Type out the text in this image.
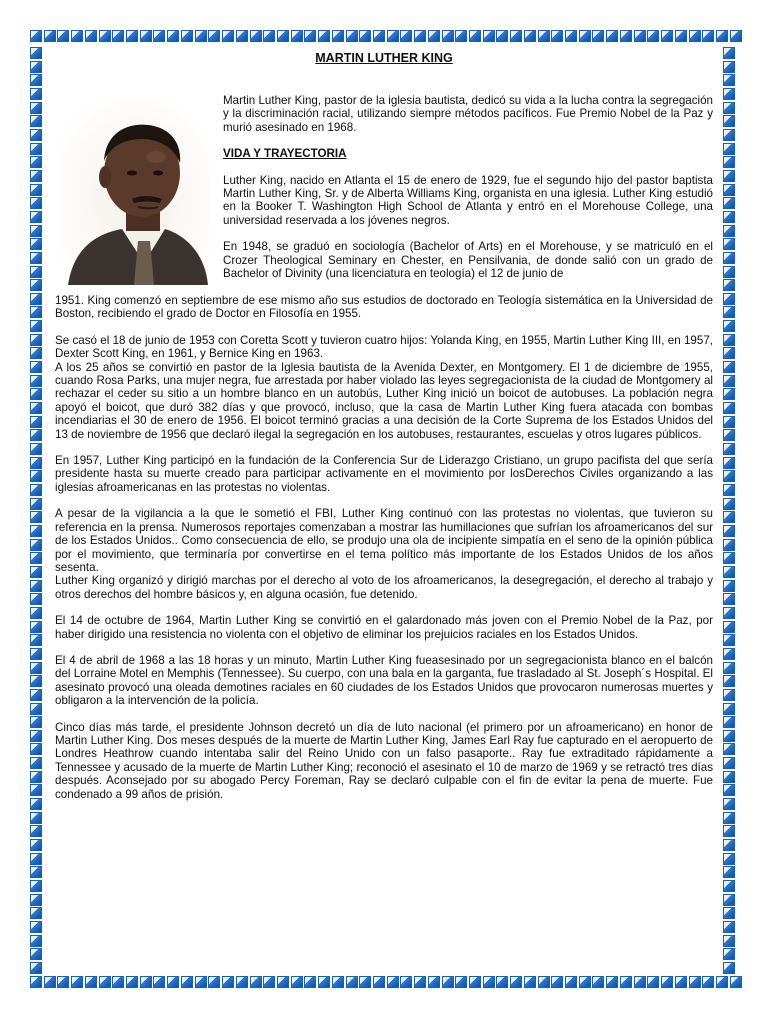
MARTIN LUTHER KING

Martin Luther King, pastor de la iglesia bautista, dedicó su vida a la lucha contra la segregación y la discriminación racial, utilizando siempre métodos pacíficos. Fue Premio Nobel de la Paz y murió asesinado en 1968.

VIDA Y TRAYECTORIA

Luther King, nacido en Atlanta el 15 de enero de 1929, fue el segundo hijo del pastor baptista Martin Luther King, Sr. y de Alberta Williams King, organista en una iglesia. Luther King estudió en la Booker T. Washington High School de Atlanta y entró en el Morehouse College, una universidad reservada a los jóvenes negros.

En 1948, se graduó en sociología (Bachelor of Arts) en el Morehouse, y se matriculó en el Crozer Theological Seminary en Chester, en Pensilvania, de donde salió con un grado de Bachelor of Divinity (una licenciatura en teología) el 12 de junio de

1951. King comenzó en septiembre de ese mismo año sus estudios de doctorado en Teología sistemática en la Universidad de Boston, recibiendo el grado de Doctor en Filosofía en 1955.

Se casó el 18 de junio de 1953 con Coretta Scott y tuvieron cuatro hijos: Yolanda King, en 1955, Martin Luther King III, en 1957, Dexter Scott King, en 1961, y Bernice King en 1963.

A los 25 años se convirtió en pastor de la Iglesia bautista de la Avenida Dexter, en Montgomery. El 1 de diciembre de 1955, cuando Rosa Parks, una mujer negra, fue arrestada por haber violado las leyes segregacionista de la ciudad de Montgomery al rechazar el ceder su sitio a un hombre blanco en un autobús, Luther King inició un boicot de autobuses. La población negra apoyó el boicot, que duró 382 días y que provocó, incluso, que la casa de Martin Luther King fuera atacada con bombas incendiarias el 30 de enero de 1956. El boicot terminó gracias a una decisión de la Corte Suprema de los Estados Unidos del 13 de noviembre de 1956 que declaró ilegal la segregación en los autobuses, restaurantes, escuelas y otros lugares públicos.

En 1957, Luther King participó en la fundación de la Conferencia Sur de Liderazgo Cristiano, un grupo pacifista del que sería presidente hasta su muerte creado para participar activamente en el movimiento por losDerechos Civiles organizando a las iglesias afroamericanas en las protestas no violentas.

A pesar de la vigilancia a la que le sometió el FBI, Luther King continuó con las protestas no violentas, que tuvieron su referencia en la prensa. Numerosos reportajes comenzaban a mostrar las humillaciones que sufrían los afroamericanos del sur de los Estados Unidos.. Como consecuencia de ello, se produjo una ola de incipiente simpatía en el seno de la opinión pública por el movimiento, que terminaría por convertirse en el tema político más importante de los Estados Unidos de los años sesenta.

Luther King organizó y dirigió marchas por el derecho al voto de los afroamericanos, la desegregación, el derecho al trabajo y otros derechos del hombre básicos y, en alguna ocasión, fue detenido.

El 14 de octubre de 1964, Martin Luther King se convirtió en el galardonado más joven con el Premio Nobel de la Paz, por haber dirigido una resistencia no violenta con el objetivo de eliminar los prejuicios raciales en los Estados Unidos.

El 4 de abril de 1968 a las 18 horas y un minuto, Martin Luther King fueasesinado por un segregacionista blanco en el balcón del Lorraine Motel en Memphis (Tennessee). Su cuerpo, con una bala en la garganta, fue trasladado al St. Joseph´s Hospital. El asesinato provocó una oleada demotines raciales en 60 ciudades de los Estados Unidos que provocaron numerosas muertes y obligaron a la intervención de la policía.

Cinco días más tarde, el presidente Johnson decretó un día de luto nacional (el primero por un afroamericano) en honor de Martin Luther King. Dos meses después de la muerte de Martin Luther King, James Earl Ray fue capturado en el aeropuerto de Londres Heathrow cuando intentaba salir del Reino Unido con un falso pasaporte.. Ray fue extraditado rápidamente a Tennessee y acusado de la muerte de Martin Luther King; reconoció el asesinato el 10 de marzo de 1969 y se retractó tres días después. Aconsejado por su abogado Percy Foreman, Ray se declaró culpable con el fin de evitar la pena de muerte. Fue condenado a 99 años de prisión.
